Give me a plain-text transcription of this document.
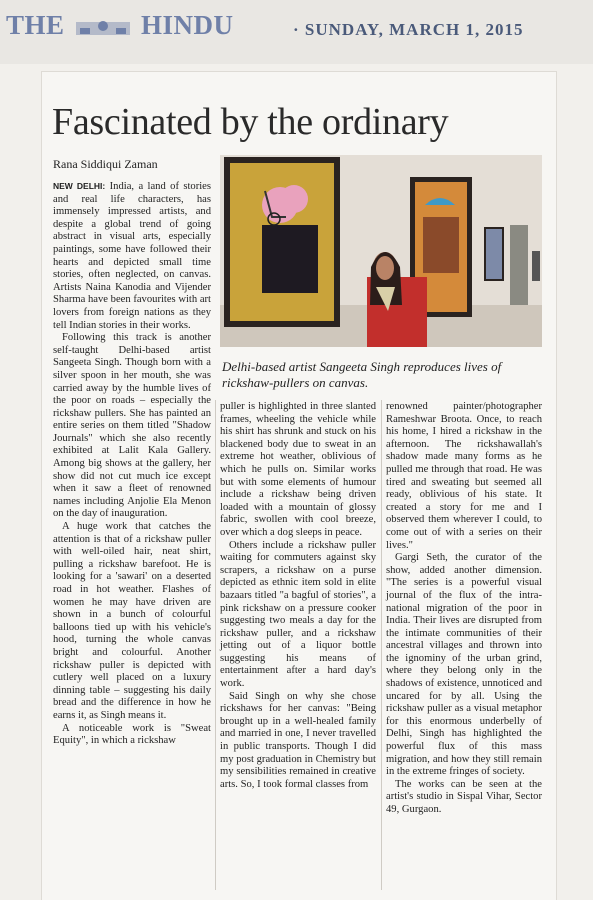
THE	HINDU	· SUNDAY, MARCH 1, 2015
Fascinated by the ordinary
Rana Siddiqui Zaman
Delhi-based artist Sangeeta Singh reproduces lives of rickshaw-pullers on canvas.

NEW DELHI: India, a land of stories and real life characters, has immensely impressed artists, and despite a global trend of going abstract in visual arts, especially paintings, some have followed their hearts and depicted small time stories, often neglected, on canvas. Artists Naina Kanodia and Vijender Sharma have been favourites with art lovers from foreign nations as they tell Indian stories in their works.

Following this track is another self-taught Delhi-based artist Sangeeta Singh. Though born with a silver spoon in her mouth, she was carried away by the humble lives of the poor on roads – especially the rickshaw pullers. She has painted an entire series on them titled "Shadow Journals" which she also recently exhibited at Lalit Kala Gallery. Among big shows at the gallery, her show did not cut much ice except when it saw a fleet of renowned names including Anjolie Ela Menon on the day of inauguration.

A huge work that catches the attention is that of a rickshaw puller with well-oiled hair, neat shirt, pulling a rickshaw barefoot. He is looking for a 'sawari' on a deserted road in hot weather. Flashes of women he may have driven are shown in a bunch of colourful balloons tied up with his vehicle's hood, turning the whole canvas bright and colourful. Another rickshaw puller is depicted with cutlery well placed on a luxury dinning table – suggesting his daily bread and the difference in how he earns it, as Singh means it.

A noticeable work is "Sweat Equity", in which a rickshaw

puller is highlighted in three slanted frames, wheeling the vehicle while his shirt has shrunk and stuck on his blackened body due to sweat in an extreme hot weather, oblivious of which he pulls on. Similar works but with some elements of humour include a rickshaw being driven loaded with a mountain of glossy fabric, swollen with cool breeze, over which a dog sleeps in peace.

Others include a rickshaw puller waiting for commuters against sky scrapers, a rickshaw on a purse depicted as ethnic item sold in elite bazaars titled "a bagful of stories", a pink rickshaw on a pressure cooker suggesting two meals a day for the rickshaw puller, and a rickshaw jetting out of a liquor bottle suggesting his means of entertainment after a hard day's work.

Said Singh on why she chose rickshaws for her canvas: "Being brought up in a well-healed family and married in one, I never travelled in public transports. Though I did my post graduation in Chemistry but my sensibilities remained in creative arts. So, I took formal classes from

renowned painter/photographer Rameshwar Broota. Once, to reach his home, I hired a rickshaw in the afternoon. The rickshawallah's shadow made many forms as he pulled me through that road. He was tired and sweating but seemed all ready, oblivious of his state. It created a story for me and I observed them wherever I could, to come out of with a series on their lives."

Gargi Seth, the curator of the show, added another dimension. "The series is a powerful visual journal of the flux of the intra-national migration of the poor in India. Their lives are disrupted from the intimate communities of their ancestral villages and thrown into the ignominy of the urban grind, where they belong only in the shadows of existence, unnoticed and uncared for by all. Using the rickshaw puller as a visual metaphor for this enormous underbelly of Delhi, Singh has highlighted the powerful flux of this mass migration, and how they still remain in the extreme fringes of society.

The works can be seen at the artist's studio in Sispal Vihar, Sector 49, Gurgaon.
